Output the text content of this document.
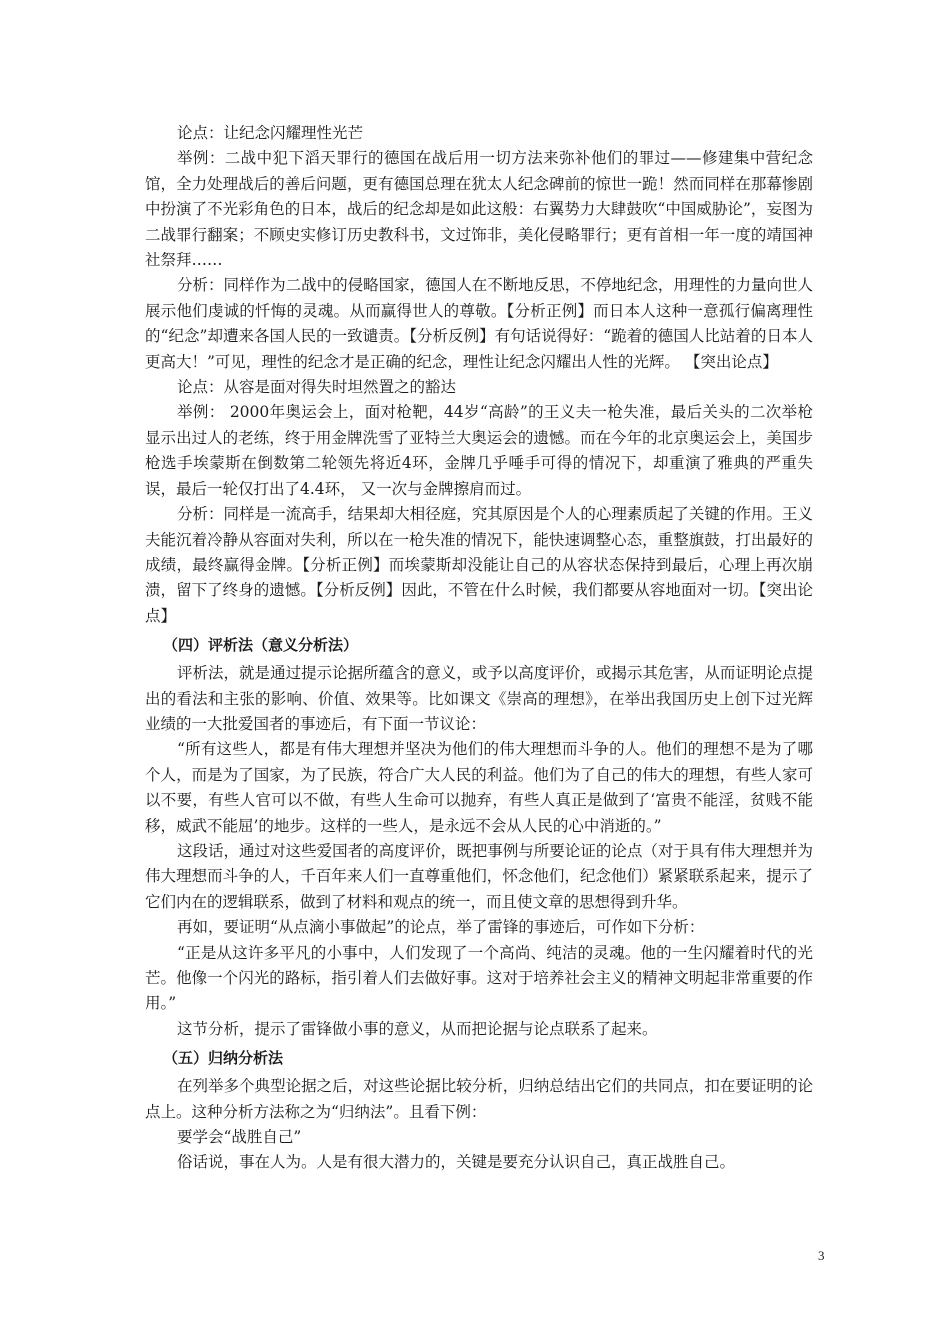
论点：让纪念闪耀理性光芒

举例：二战中犯下滔天罪行的德国在战后用一切方法来弥补他们的罪过——修建集中营纪念馆，全力处理战后的善后问题，更有德国总理在犹太人纪念碑前的惊世一跪！然而同样在那幕惨剧中扮演了不光彩角色的日本，战后的纪念却是如此这般：右翼势力大肆鼓吹“中国威胁论”，妄图为二战罪行翻案；不顾史实修订历史教科书，文过饰非，美化侵略罪行；更有首相一年一度的靖国神社祭拜……

分析：同样作为二战中的侵略国家，德国人在不断地反思，不停地纪念，用理性的力量向世人展示他们虔诚的忏悔的灵魂。从而赢得世人的尊敬。【分析正例】而日本人这种一意孤行偏离理性的“纪念”却遭来各国人民的一致谴责。【分析反例】有句话说得好：“跪着的德国人比站着的日本人更高大！”可见，理性的纪念才是正确的纪念，理性让纪念闪耀出人性的光辉。 【突出论点】

论点：从容是面对得失时坦然置之的豁达

举例： 2000年奥运会上，面对枪靶，44岁“高龄”的王义夫一枪失准，最后关头的二次举枪显示出过人的老练，终于用金牌洗雪了亚特兰大奥运会的遗憾。而在今年的北京奥运会上，美国步枪选手埃蒙斯在倒数第二轮领先将近4环，金牌几乎唾手可得的情况下，却重演了雅典的严重失误，最后一轮仅打出了4.4环， 又一次与金牌擦肩而过。

分析：同样是一流高手，结果却大相径庭，究其原因是个人的心理素质起了关键的作用。王义夫能沉着冷静从容面对失利，所以在一枪失准的情况下，能快速调整心态，重整旗鼓，打出最好的成绩，最终赢得金牌。【分析正例】而埃蒙斯却没能让自己的从容状态保持到最后，心理上再次崩溃，留下了终身的遗憾。【分析反例】因此，不管在什么时候，我们都要从容地面对一切。【突出论点】

（四）评析法（意义分析法）

评析法，就是通过提示论据所蕴含的意义，或予以高度评价，或揭示其危害，从而证明论点提出的看法和主张的影响、价值、效果等。比如课文《崇高的理想》，在举出我国历史上创下过光辉业绩的一大批爱国者的事迹后，有下面一节议论：

“所有这些人，都是有伟大理想并坚决为他们的伟大理想而斗争的人。他们的理想不是为了哪个人，而是为了国家，为了民族，符合广大人民的利益。他们为了自己的伟大的理想，有些人家可以不要，有些人官可以不做，有些人生命可以抛弃，有些人真正是做到了‘富贵不能淫，贫贱不能移，威武不能屈’的地步。这样的一些人，是永远不会从人民的心中消逝的。”

这段话，通过对这些爱国者的高度评价，既把事例与所要论证的论点（对于具有伟大理想并为伟大理想而斗争的人，千百年来人们一直尊重他们，怀念他们，纪念他们）紧紧联系起来，提示了它们内在的逻辑联系，做到了材料和观点的统一，而且使文章的思想得到升华。

再如，要证明“从点滴小事做起”的论点，举了雷锋的事迹后，可作如下分析：

“正是从这许多平凡的小事中，人们发现了一个高尚、纯洁的灵魂。他的一生闪耀着时代的光芒。他像一个闪光的路标，指引着人们去做好事。这对于培养社会主义的精神文明起非常重要的作用。”

这节分析，提示了雷锋做小事的意义，从而把论据与论点联系了起来。

（五）归纳分析法

在列举多个典型论据之后，对这些论据比较分析，归纳总结出它们的共同点，扣在要证明的论点上。这种分析方法称之为“归纳法”。且看下例：

要学会“战胜自己”

俗话说，事在人为。人是有很大潜力的，关键是要充分认识自己，真正战胜自己。

3
